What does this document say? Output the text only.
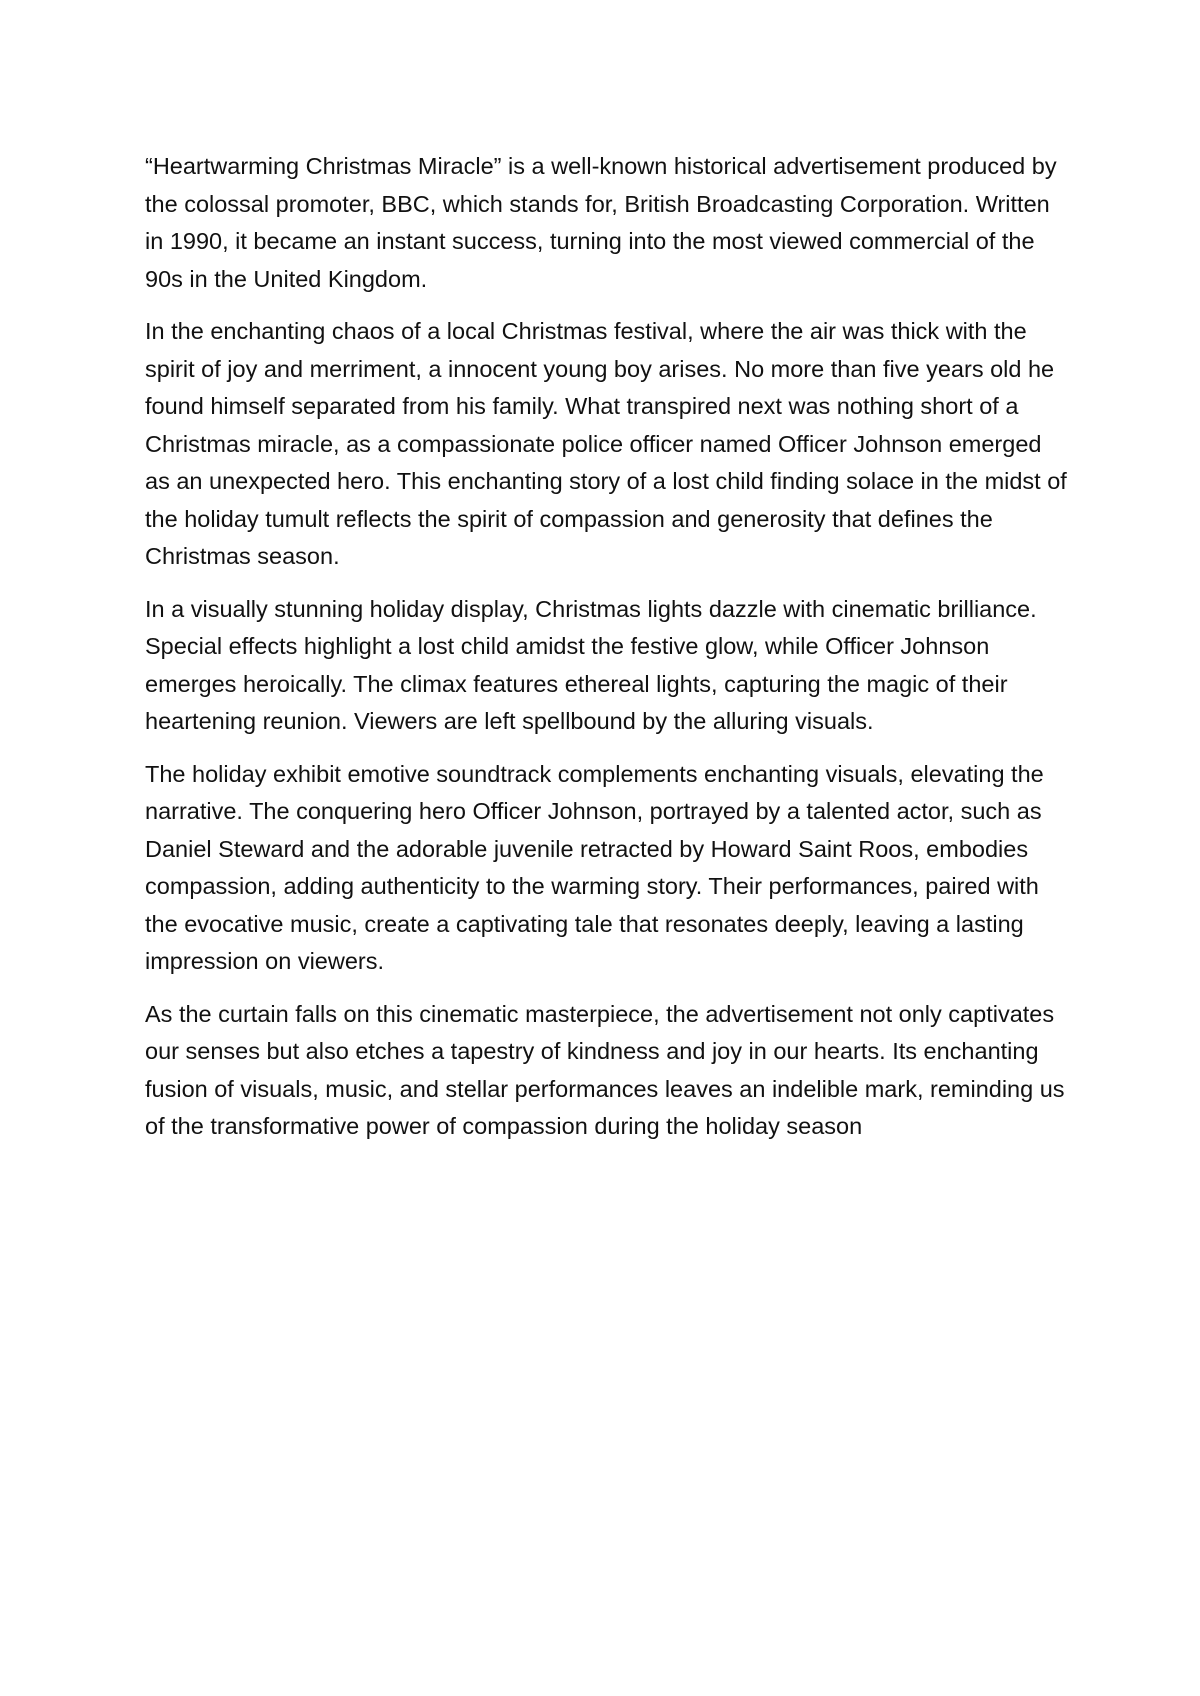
“Heartwarming Christmas Miracle” is a well-known historical advertisement produced by the colossal promoter, BBC, which stands for, British Broadcasting Corporation. Written in 1990, it became an instant success, turning into the most viewed commercial of the 90s in the United Kingdom.

In the enchanting chaos of a local Christmas festival, where the air was thick with the spirit of joy and merriment, a innocent young boy arises. No more than five years old he found himself separated from his family. What transpired next was nothing short of a Christmas miracle, as a compassionate police officer named Officer Johnson emerged as an unexpected hero. This enchanting story of a lost child finding solace in the midst of the holiday tumult reflects the spirit of compassion and generosity that defines the Christmas season.

In a visually stunning holiday display, Christmas lights dazzle with cinematic brilliance. Special effects highlight a lost child amidst the festive glow, while Officer Johnson emerges heroically. The climax features ethereal lights, capturing the magic of their heartening reunion. Viewers are left spellbound by the alluring visuals.

The holiday exhibit emotive soundtrack complements enchanting visuals, elevating the narrative. The conquering hero Officer Johnson, portrayed by a talented actor, such as Daniel Steward and the adorable juvenile retracted by Howard Saint Roos, embodies compassion, adding authenticity to the warming story. Their performances, paired with the evocative music, create a captivating tale that resonates deeply, leaving a lasting impression on viewers.

As the curtain falls on this cinematic masterpiece, the advertisement not only captivates our senses but also etches a tapestry of kindness and joy in our hearts. Its enchanting fusion of visuals, music, and stellar performances leaves an indelible mark, reminding us of the transformative power of compassion during the holiday season
